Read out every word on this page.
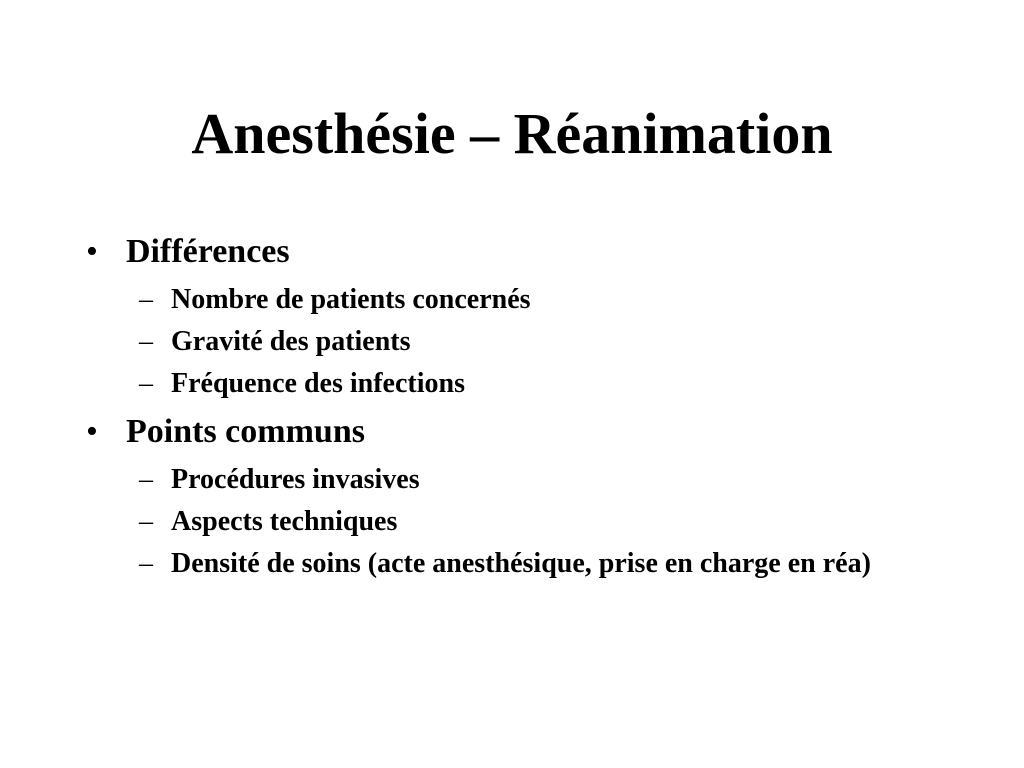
Anesthésie – Réanimation
• Différences
– Nombre de patients concernés
– Gravité des patients
– Fréquence des infections
• Points communs
– Procédures invasives
– Aspects techniques
– Densité de soins (acte anesthésique, prise en charge en réa)
